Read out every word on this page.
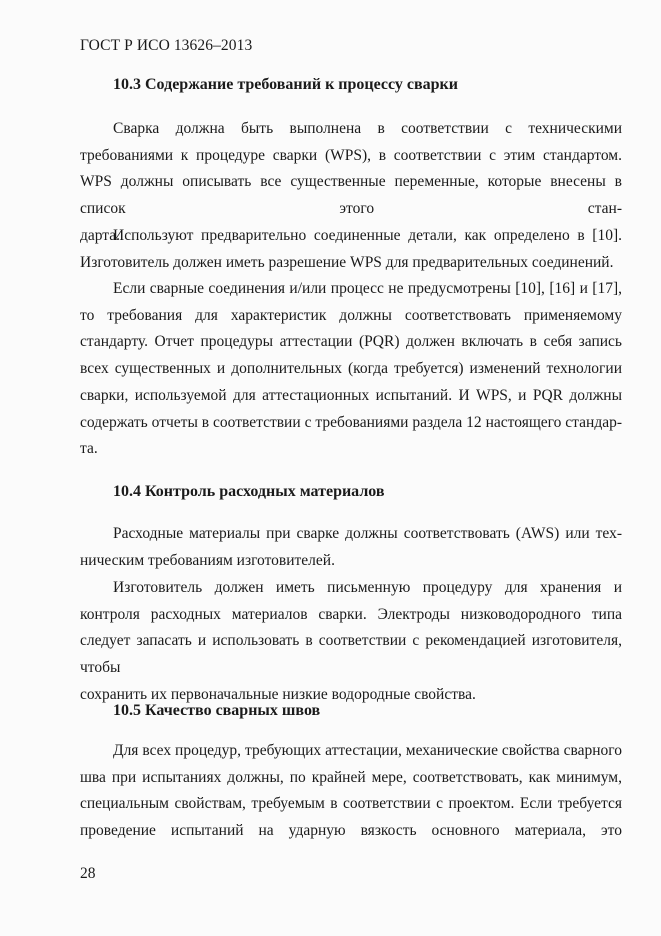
ГОСТ Р ИСО 13626–2013
10.3 Содержание требований к процессу сварки

Сварка должна быть выполнена в соответствии с техническими требованиями к процедуре сварки (WPS), в соответствии с этим стандартом. WPS должны описывать все существенные переменные, которые внесены в список этого стан-
дарта.

Используют предварительно соединенные детали, как определено в [10].
Изготовитель должен иметь разрешение WPS для предварительных соединений.

Если сварные соединения и/или процесс не предусмотрены [10], [16] и [17], то требования для характеристик должны соответствовать применяемому стандарту. Отчет процедуры аттестации (PQR) должен включать в себя запись всех существенных и дополнительных (когда требуется) изменений технологии сварки, используемой для аттестационных испытаний. И WPS, и PQR должны содержать отчеты в соответствии с требованиями раздела 12 настоящего стандар-
та.

10.4 Контроль расходных материалов

Расходные материалы при сварке должны соответствовать (AWS) или тех-
ническим требованиям изготовителей.

Изготовитель должен иметь письменную процедуру для хранения и контроля расходных материалов сварки. Электроды низководородного типа следует запасать и использовать в соответствии с рекомендацией изготовителя, чтобы
сохранить их первоначальные низкие водородные свойства.

10.5 Качество сварных швов

Для всех процедур, требующих аттестации, механические свойства сварного шва при испытаниях должны, по крайней мере, соответствовать, как минимум, специальным свойствам, требуемым в соответствии с проектом. Если требуется проведение испытаний на ударную вязкость основного материала, это

28
